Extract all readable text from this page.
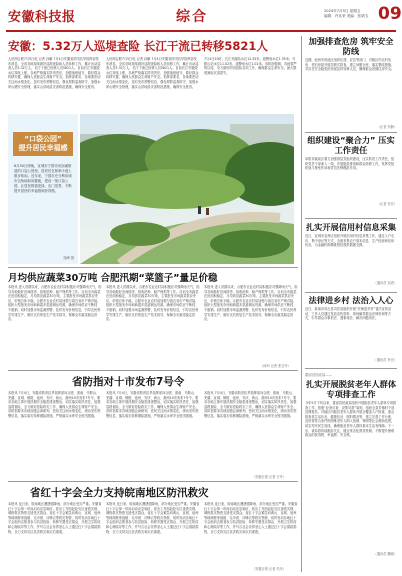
安徽科技报	综合	2024年7月5日 星期五
编辑：许从荣 美编：张婧玉 09
安徽：5.32万人巡堤查险 长江干流已转移5821人
人民网合肥7月5日电 记者 孙鹏 7月4日安徽省防汛抗旱指挥部发布消息，全省各地持续做好巡堤查险和人员转移工作，累计出动巡查人员5.32万人，长江干流已转移人员5821人。目前长江安徽段水位持续上涨，各地严格落实防汛责任，加强值班值守，做好群众转移安置，确保人民群众生命财产安全。指挥部要求，各地要密切关注雨水情变化，及时发布预警信息，强化堤防巡查防守，加强水库山塘安全管理，落实山洪地质灾害防范措施，确保安全度汛。
人民网合肥7月5日电 记者 孙鹏 7月4日安徽省防汛抗旱指挥部发布消息，全省各地持续做好巡堤查险和人员转移工作，累计出动巡查人员5.32万人，长江干流已转移人员5821人。目前长江安徽段水位持续上涨，各地严格落实防汛责任，加强值班值守，做好群众转移安置，确保人民群众生命财产安全。指挥部要求，各地要密切关注雨水情变化，及时发布预警信息，强化堤防巡查防守，加强水库山塘安全管理，落实山洪地质灾害防范措施，确保安全度汛。
7月4日20时，长江芜湖站水位12.35米，超警戒水位1.35米；马鞍山站水位11.02米，超警戒水位1.02米。省防指强调，各地要严阵以待，全力做好防汛抢险各项工作，确保群众生命安全，最大限度减轻灾害损失。
“口袋公园”
提升居民幸福感
6月30日傍晚，宣城市宁国市河沥溪街道的口袋公园里，居民们在林荫小道上散步休闲。近年来，宁国市充分利用城市边角地和闲置地，建设一批口袋公园，让居民推窗见绿、出门见景，不断提升居民的幸福感和获得感。
施峰 摄
月均供应蔬菜30万吨 合肥汛期“菜篮子”量足价稳
本报讯 进入汛期以来，合肥市农业农村局积极应对强降雨天气，指导各地做好田间排涝、抢收抢种、稳产保供等工作。目前全市蔬菜在田面积稳定，月均供应蔬菜30万吨，主要批发市场蔬菜供应充足，价格总体平稳。合肥市农业农村局加强与周边省市产销对接，组织大型批发市场和商超多渠道调运货源，确保市场供应不断档、不脱销。同时加强市场监测预警，及时发布价格信息，引导农民科学安排生产，做好灾后恢复生产技术指导，保障全市蔬菜稳定供应。
本报讯 进入汛期以来，合肥市农业农村局积极应对强降雨天气，指导各地做好田间排涝、抢收抢种、稳产保供等工作。目前全市蔬菜在田面积稳定，月均供应蔬菜30万吨，主要批发市场蔬菜供应充足，价格总体平稳。合肥市农业农村局加强与周边省市产销对接，组织大型批发市场和商超多渠道调运货源，确保市场供应不断档、不脱销。同时加强市场监测预警，及时发布价格信息，引导农民科学安排生产，做好灾后恢复生产技术指导，保障全市蔬菜稳定供应。
本报讯 进入汛期以来，合肥市农业农村局积极应对强降雨天气，指导各地做好田间排涝、抢收抢种、稳产保供等工作。目前全市蔬菜在田面积稳定，月均供应蔬菜30万吨，主要批发市场蔬菜供应充足，价格总体平稳。合肥市农业农村局加强与周边省市产销对接，组织大型批发市场和商超多渠道调运货源，确保市场供应不断档、不脱销。同时加强市场监测预警，及时发布价格信息，引导农民科学安排生产，做好灾后恢复生产技术指导，保障全市蔬菜稳定供应。
（何珂 记者 张玉玲）
省防指对十市发布7号令
本报讯 7月4日，安徽省防汛抗旱指挥部向合肥、淮南、马鞍山、芜湖、宣城、铜陵、池州、安庆、黄山、滁州10市发布7号令，要求各地立即开展汛期安全隐患排查整治，切实落实防汛责任，加强巡堤查险，全力做好抢险救灾工作，确保人民群众生命财产安全。省防指要求各地加强会商研判，密切关注雨水情变化，滚动发布预警信息，落实临灾转移避险措施，严格落实水库安全度汛措施。
本报讯 7月4日，安徽省防汛抗旱指挥部向合肥、淮南、马鞍山、芜湖、宣城、铜陵、池州、安庆、黄山、滁州10市发布7号令，要求各地立即开展汛期安全隐患排查整治，切实落实防汛责任，加强巡堤查险，全力做好抢险救灾工作，确保人民群众生命财产安全。省防指要求各地加强会商研判，密切关注雨水情变化，滚动发布预警信息，落实临灾转移避险措施，严格落实水库安全度汛措施。
本报讯 7月4日，安徽省防汛抗旱指挥部向合肥、淮南、马鞍山、芜湖、宣城、铜陵、池州、安庆、黄山、滁州10市发布7号令，要求各地立即开展汛期安全隐患排查整治，切实落实防汛责任，加强巡堤查险，全力做好抢险救灾工作，确保人民群众生命财产安全。省防指要求各地加强会商研判，密切关注雨水情变化，滚动发布预警信息，落实临灾转移避险措施，严格落实水库安全度汛措施。
（安徽日报 记者 方丹）
省红十字会全力支持皖南地区防汛救灾
本报讯 连日来，皖南地区遭遇强降雨，部分地区受灾严重。安徽省红十字会第一时间启动应急响应，派出工作组赶赴灾区查看灾情，调拨救灾物资支援受灾群众。省红十字会紧急向黄山、宣城、池州等地调拨家庭箱、毛巾被、冲锋衣等救灾物资，同时发动各地红十字会组织志愿者参与抗洪抢险、转移安置受灾群众、开展卫生防疫和心理疏导等工作，并号召社会各界爱心人士通过红十字会捐款捐物，全力支持灾区抗洪救灾和灾后重建。
本报讯 连日来，皖南地区遭遇强降雨，部分地区受灾严重。安徽省红十字会第一时间启动应急响应，派出工作组赶赴灾区查看灾情，调拨救灾物资支援受灾群众。省红十字会紧急向黄山、宣城、池州等地调拨家庭箱、毛巾被、冲锋衣等救灾物资，同时发动各地红十字会组织志愿者参与抗洪抢险、转移安置受灾群众、开展卫生防疫和心理疏导等工作，并号召社会各界爱心人士通过红十字会捐款捐物，全力支持灾区抗洪救灾和灾后重建。
本报讯 连日来，皖南地区遭遇强降雨，部分地区受灾严重。安徽省红十字会第一时间启动应急响应，派出工作组赶赴灾区查看灾情，调拨救灾物资支援受灾群众。省红十字会紧急向黄山、宣城、池州等地调拨家庭箱、毛巾被、冲锋衣等救灾物资，同时发动各地红十字会组织志愿者参与抗洪抢险、转移安置受灾群众、开展卫生防疫和心理疏导等工作，并号召社会各界爱心人士通过红十字会捐款捐物，全力支持灾区抗洪救灾和灾后重建。
（安徽日报 记者 朱庆）
加强排查危房 筑牢安全防线
近期，池州市贵池区组织住建、应急等部门，对辖区内农村危房、老旧房屋开展拉网式排查，建立问题台账，落实整改措施，对存在安全隐患的房屋及时转移人员，确保群众汛期住房安全。
（记者 李静）
组织建设“聚合力” 压实工作责任
阜阳市颍泉区着力加强基层党组织建设，压实防汛工作责任，组织党员干部深入一线，开展隐患排查和群众转移工作，发挥党组织战斗堡垒作用和党员先锋模范作用。
（记者 吴芬）
扎实开展信用村信息采集
近日，宣城市宣州区组织开展信用村信息采集工作，通过入户走访、集中登记等方式，全面采集农户基本信息、生产经营和信用状况，为金融机构精准授信提供数据支撑。
（通讯员 刘虎）
法律进乡村 法治入人心
近日，淮南市凤台县司法局组织开展“法律进乡村”普法宣传活动，工作人员通过发放宣传资料、现场解答群众法律咨询等方式，引导群众办事依法、遇事找法、解决问题用法。
（通讯员 李光）
霍邱县民政局——
扎实开展脱贫老年人群体专项排查工作
今年5月下旬以来，霍邱县民政局组织开展脱贫老年人群体专项排查工作，按照“应查尽查、应帮尽帮”原则，组织全县乡镇村干部及网格员，对辖区内脱贫老年人群体开展全覆盖入户排查，重点排查其生活状况、健康状况、照料情况等，建立完善工作台账，及时将符合条件的困难老年人纳入低保、特困等社会救助范围，切实兜牢民生底线，确保脱贫老年人群体基本生活有保障。下一步，该局将持续跟踪关注，健全常态化帮扶机制，不断提升困难群众的获得感、幸福感、安全感。
（通讯员 魏晓）
